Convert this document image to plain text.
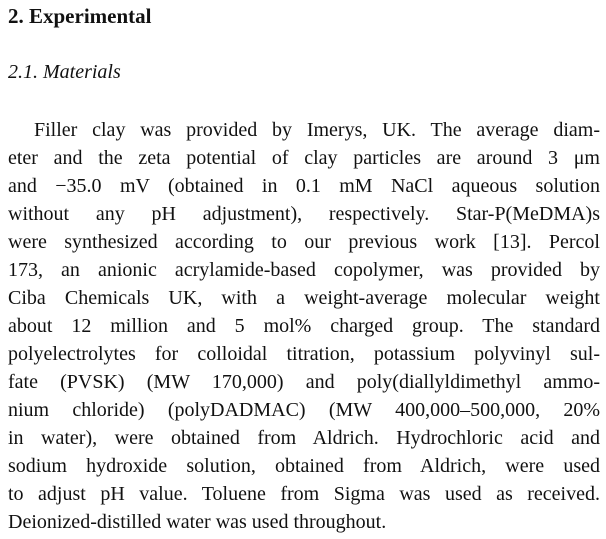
2. Experimental
2.1. Materials
Filler clay was provided by Imerys, UK. The average diam-
eter and the zeta potential of clay particles are around 3 μm
and −35.0 mV (obtained in 0.1 mM NaCl aqueous solution
without any pH adjustment), respectively. Star-P(MeDMA)s
were synthesized according to our previous work [13]. Percol
173, an anionic acrylamide-based copolymer, was provided by
Ciba Chemicals UK, with a weight-average molecular weight
about 12 million and 5 mol% charged group. The standard
polyelectrolytes for colloidal titration, potassium polyvinyl sul-
fate (PVSK) (MW 170,000) and poly(diallyldimethyl ammo-
nium chloride) (polyDADMAC) (MW 400,000–500,000, 20%
in water), were obtained from Aldrich. Hydrochloric acid and
sodium hydroxide solution, obtained from Aldrich, were used
to adjust pH value. Toluene from Sigma was used as received.
Deionized-distilled water was used throughout.
